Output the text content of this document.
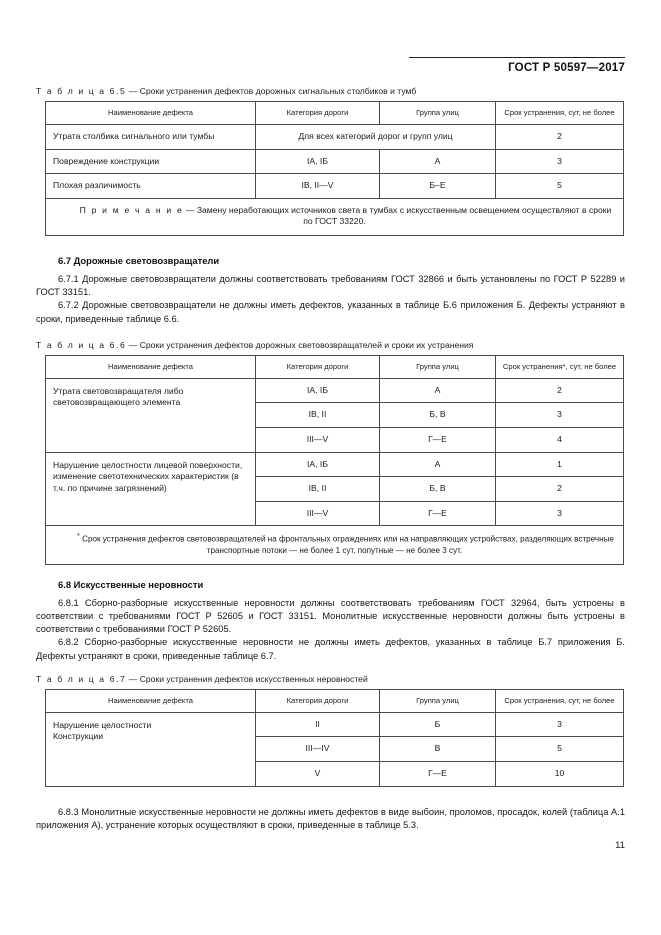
ГОСТ Р 50597—2017
Т а б л и ц а 6.5 — Сроки устранения дефектов дорожных сигнальных столбиков и тумб
Наименование дефекта	Категория дороги	Группа улиц	Срок устранения, сут, не более
Утрата столбика сигнального или тумбы	Для всех категорий дорог и групп улиц		2
Повреждение конструкции	IA, IБ	А	3
Плохая различимость	IB, II—V	Б–Е	5
П р и м е ч а н и е — Замену неработающих источников света в тумбах с искусственным освещением осуществляют в сроки по ГОСТ 33220.			
6.7 Дорожные световозвращатели

6.7.1 Дорожные световозвращатели должны соответствовать требованиям ГОСТ 32866 и быть установлены по ГОСТ Р 52289 и ГОСТ 33151.

6.7.2 Дорожные световозвращатели не должны иметь дефектов, указанных в таблице Б.6 приложения Б. Дефекты устраняют в сроки, приведенные таблице 6.6.

Т а б л и ц а 6.6 — Сроки устранения дефектов дорожных световозвращателей и сроки их устранения
Наименование дефекта	Категория дороги	Группа улиц	Срок устранения*, сут, не более
Утрата световозвращателя либо световозвращающего элемента	IA, IБ	А	2
	IB, II	Б, В	3
	III—V	Г—Е	4
Нарушение целостности лицевой поверхности, изменение светотехнических характеристик (в т.ч. по причине загрязнений)	IA, IБ	А	1
	IB, II	Б, В	2
	III—V	Г—Е	3
* Срок устранения дефектов световозвращателей на фронтальных ограждениях или на направляющих устройствах, разделяющих встречные транспортные потоки — не более 1 сут, попутные — не более 3 сут.			
6.8 Искусственные неровности

6.8.1 Сборно-разборные искусственные неровности должны соответствовать требованиям ГОСТ 32964, быть устроены в соответствии с требованиями ГОСТ Р 52605 и ГОСТ 33151. Монолитные искусственные неровности должны быть устроены в соответствии с требованиями ГОСТ Р 52605.

6.8.2 Сборно-разборные искусственные неровности не должны иметь дефектов, указанных в таблице Б.7 приложения Б. Дефекты устраняют в сроки, приведенные таблице 6.7.

Т а б л и ц а 6.7 — Сроки устранения дефектов искусственных неровностей
Наименование дефекта	Категория дороги	Группа улиц	Срок устранения, сут, не более
Нарушение целостности
Конструкции	II	Б	3
	III—IV	В	5
	V	Г—Е	10

6.8.3 Монолитные искусственные неровности не должны иметь дефектов в виде выбоин, проломов, просадок, колей (таблица А.1 приложения А), устранение которых осуществляют в сроки, приведенные в таблице 5.3.

11
